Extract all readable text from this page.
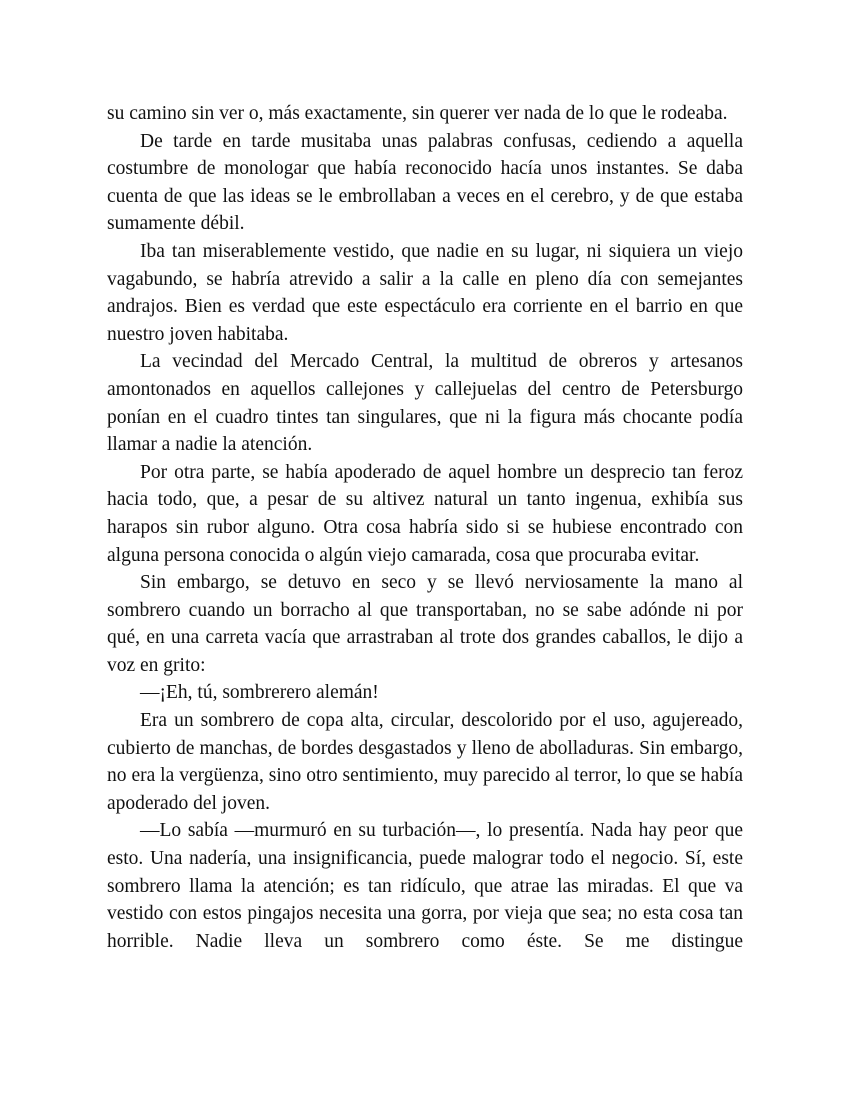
su camino sin ver o, más exactamente, sin querer ver nada de lo que le rodeaba.

De tarde en tarde musitaba unas palabras confusas, cediendo a aquella costumbre de monologar que había reconocido hacía unos instantes. Se daba cuenta de que las ideas se le embrollaban a veces en el cerebro, y de que estaba sumamente débil.

Iba tan miserablemente vestido, que nadie en su lugar, ni siquiera un viejo vagabundo, se habría atrevido a salir a la calle en pleno día con semejantes andrajos. Bien es verdad que este espectáculo era corriente en el barrio en que nuestro joven habitaba.

La vecindad del Mercado Central, la multitud de obreros y artesanos amontonados en aquellos callejones y callejuelas del centro de Petersburgo ponían en el cuadro tintes tan singulares, que ni la figura más chocante podía llamar a nadie la atención.

Por otra parte, se había apoderado de aquel hombre un desprecio tan feroz hacia todo, que, a pesar de su altivez natural un tanto ingenua, exhibía sus harapos sin rubor alguno. Otra cosa habría sido si se hubiese encontrado con alguna persona conocida o algún viejo camarada, cosa que procuraba evitar.

Sin embargo, se detuvo en seco y se llevó nerviosamente la mano al sombrero cuando un borracho al que transportaban, no se sabe adónde ni por qué, en una carreta vacía que arrastraban al trote dos grandes caballos, le dijo a voz en grito:

—¡Eh, tú, sombrerero alemán!

Era un sombrero de copa alta, circular, descolorido por el uso, agujereado, cubierto de manchas, de bordes desgastados y lleno de abolladuras. Sin embargo, no era la vergüenza, sino otro sentimiento, muy parecido al terror, lo que se había apoderado del joven.

—Lo sabía —murmuró en su turbación—, lo presentía. Nada hay peor que esto. Una nadería, una insignificancia, puede malograr todo el negocio. Sí, este sombrero llama la atención; es tan ridículo, que atrae las miradas. El que va vestido con estos pingajos necesita una gorra, por vieja que sea; no esta cosa tan horrible. Nadie lleva un sombrero como éste. Se me distingue
